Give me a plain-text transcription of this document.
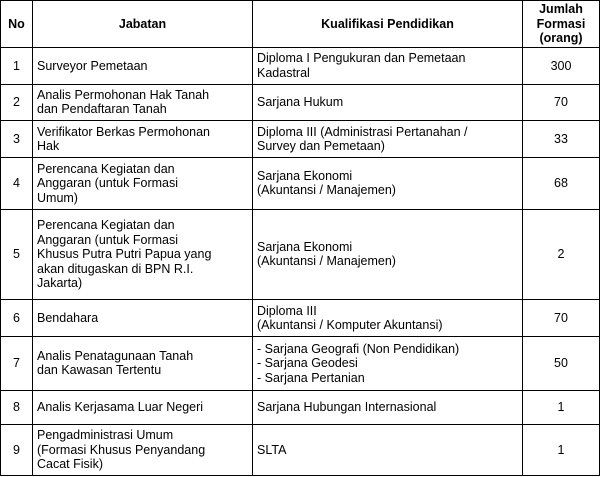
No	Jabatan	Kualifikasi Pendidikan	Jumlah
Formasi
(orang)

1	Surveyor Pemetaan	Diploma I Pengukuran dan Pemetaan
Kadastral	300
2	Analis Permohonan Hak Tanah
dan Pendaftaran Tanah	Sarjana Hukum	70
3	Verifikator Berkas Permohonan
Hak	Diploma III (Administrasi Pertanahan /
Survey dan Pemetaan)	33
4	Perencana Kegiatan dan
Anggaran (untuk Formasi
Umum)	Sarjana Ekonomi
(Akuntansi / Manajemen)	68
5	Perencana Kegiatan dan
Anggaran (untuk Formasi
Khusus Putra Putri Papua yang
akan ditugaskan di BPN R.I.
Jakarta)	Sarjana Ekonomi
(Akuntansi / Manajemen)	2
6	Bendahara	Diploma III
(Akuntansi / Komputer Akuntansi)	70
7	Analis Penatagunaan Tanah
dan Kawasan Tertentu	- Sarjana Geografi (Non Pendidikan)
- Sarjana Geodesi
- Sarjana Pertanian	50
8	Analis Kerjasama Luar Negeri	Sarjana Hubungan Internasional	1
9	Pengadministrasi Umum
(Formasi Khusus Penyandang
Cacat Fisik)	SLTA	1
